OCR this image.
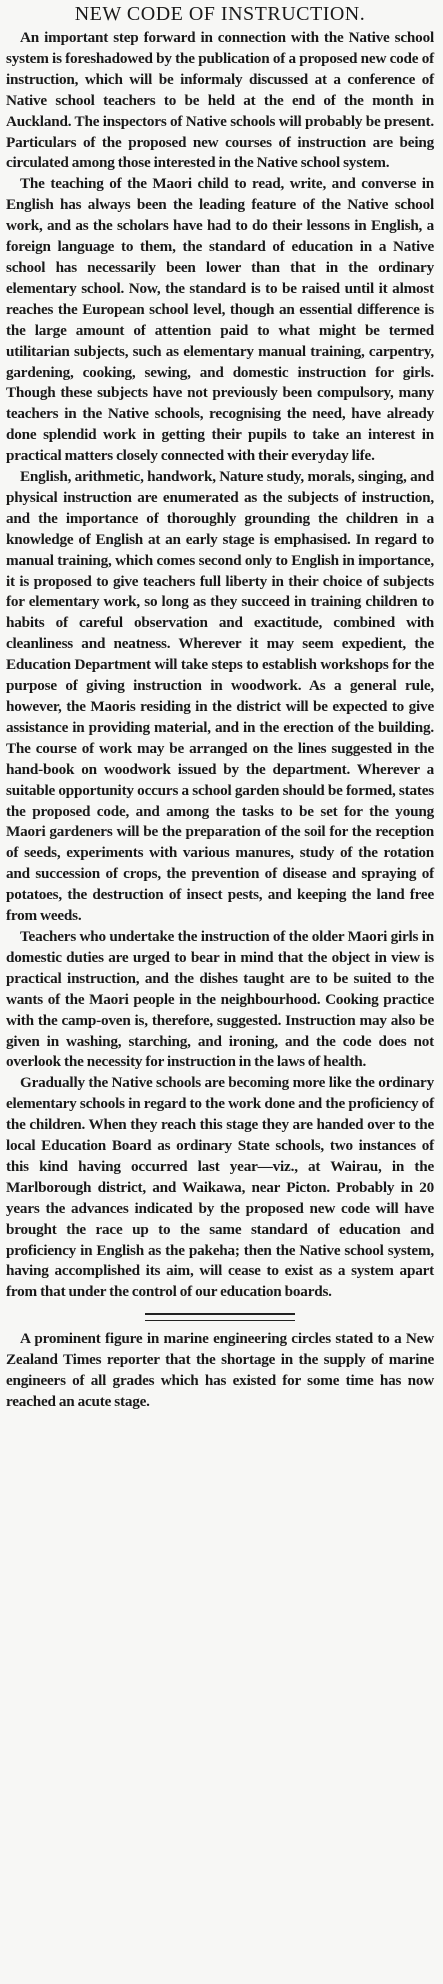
NEW CODE OF INSTRUCTION.

An important step forward in connection with the Native school system is foreshadowed by the publication of a proposed new code of instruction, which will be informaly discussed at a conference of Native school teachers to be held at the end of the month in Auckland. The inspectors of Native schools will probably be present. Particulars of the proposed new courses of instruction are being circulated among those interested in the Native school system.

The teaching of the Maori child to read, write, and converse in English has always been the leading feature of the Native school work, and as the scholars have had to do their lessons in English, a foreign language to them, the standard of education in a Native school has necessarily been lower than that in the ordinary elementary school. Now, the standard is to be raised until it almost reaches the European school level, though an essential difference is the large amount of attention paid to what might be termed utilitarian subjects, such as elementary manual training, carpentry, gardening, cooking, sewing, and domestic instruction for girls. Though these subjects have not previously been compulsory, many teachers in the Native schools, recognising the need, have already done splendid work in getting their pupils to take an interest in practical matters closely connected with their everyday life.

English, arithmetic, handwork, Nature study, morals, singing, and physical instruction are enumerated as the subjects of instruction, and the importance of thoroughly grounding the children in a knowledge of English at an early stage is emphasised. In regard to manual training, which comes second only to English in importance, it is proposed to give teachers full liberty in their choice of subjects for elementary work, so long as they succeed in training children to habits of careful observation and exactitude, combined with cleanliness and neatness. Wherever it may seem expedient, the Education Department will take steps to establish workshops for the purpose of giving instruction in woodwork. As a general rule, however, the Maoris residing in the district will be expected to give assistance in providing material, and in the erection of the building. The course of work may be arranged on the lines suggested in the hand-book on woodwork issued by the department. Wherever a suitable opportunity occurs a school garden should be formed, states the proposed code, and among the tasks to be set for the young Maori gardeners will be the preparation of the soil for the reception of seeds, experiments with various manures, study of the rotation and succession of crops, the prevention of disease and spraying of potatoes, the destruction of insect pests, and keeping the land free from weeds.

Teachers who undertake the instruction of the older Maori girls in domestic duties are urged to bear in mind that the object in view is practical instruction, and the dishes taught are to be suited to the wants of the Maori people in the neighbourhood. Cooking practice with the camp-oven is, therefore, suggested. Instruction may also be given in washing, starching, and ironing, and the code does not overlook the necessity for instruction in the laws of health.

Gradually the Native schools are becoming more like the ordinary elementary schools in regard to the work done and the proficiency of the children. When they reach this stage they are handed over to the local Education Board as ordinary State schools, two instances of this kind having occurred last year—viz., at Wairau, in the Marlborough district, and Waikawa, near Picton. Probably in 20 years the advances indicated by the proposed new code will have brought the race up to the same standard of education and proficiency in English as the pakeha; then the Native school system, having accomplished its aim, will cease to exist as a system apart from that under the control of our education boards.

A prominent figure in marine engineering circles stated to a New Zealand Times reporter that the shortage in the supply of marine engineers of all grades which has existed for some time has now reached an acute stage.
